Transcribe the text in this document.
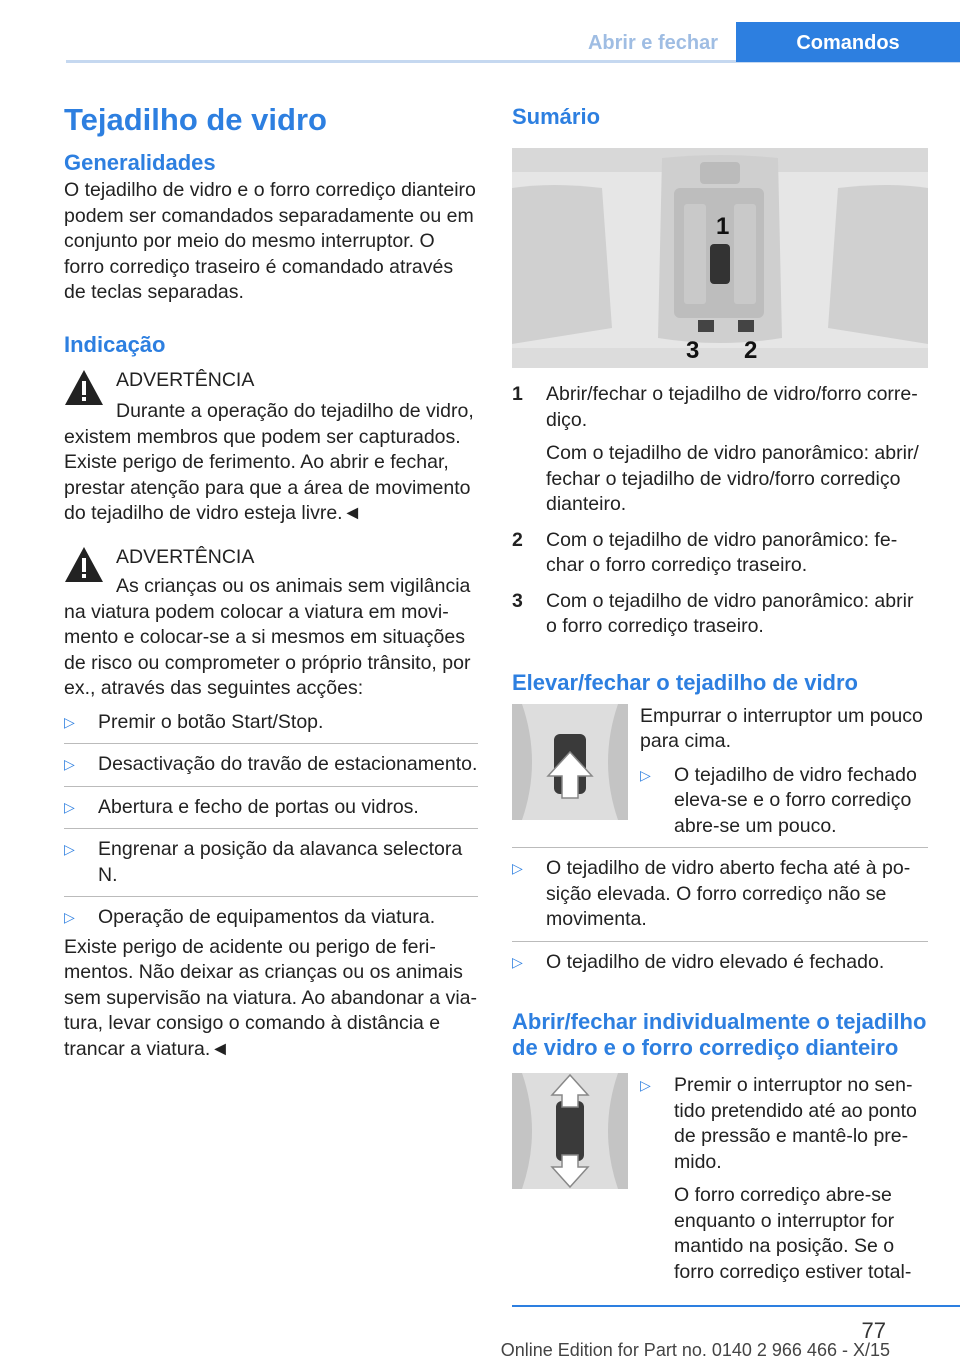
Abrir e fechar	Comandos
Tejadilho de vidro
Generalidades

O tejadilho de vidro e o forro corrediço dianteiro podem ser comandados separadamente ou em conjunto por meio do mesmo interruptor. O forro corrediço traseiro é comandado através de teclas separadas.

Indicação
ADVERTÊNCIA

Durante a operação do tejadilho de vidro, existem membros que podem ser capturados. Existe perigo de ferimento. Ao abrir e fechar, prestar atenção para que a área de movimento do tejadilho de vidro esteja livre.◄

ADVERTÊNCIA

As crianças ou os animais sem vigilância na viatura podem colocar a viatura em movimento e colocar-se a si mesmos em situações de risco ou comprometer o próprio trânsito, por ex., através das seguintes acções:

▷	Premir o botão Start/Stop.
▷	Desactivação do travão de estacionamento.
▷	Abertura e fecho de portas ou vidros.
▷	Engrenar a posição da alavanca selectora N.
▷	Operação de equipamentos da viatura.

Existe perigo de acidente ou perigo de ferimentos. Não deixar as crianças ou os animais sem supervisão na viatura. Ao abandonar a viatura, levar consigo o comando à distância e trancar a viatura.◄

Sumário
1
2
3
1	Abrir/fechar o tejadilho de vidro/forro corrediço.

Com o tejadilho de vidro panorâmico: abrir/ fechar o tejadilho de vidro/forro corrediço dianteiro.

2	Com o tejadilho de vidro panorâmico: fechar o forro corrediço traseiro.

3	Com o tejadilho de vidro panorâmico: abrir o forro corrediço traseiro.

Elevar/fechar o tejadilho de vidro

Empurrar o interruptor um pouco para cima.

▷	O tejadilho de vidro fechado eleva-se e o forro corrediço abre-se um pouco.
▷	O tejadilho de vidro aberto fecha até à posição elevada. O forro corrediço não se movimenta.
▷	O tejadilho de vidro elevado é fechado.
Abrir/fechar individualmente o tejadilho de vidro e o forro corrediço dianteiro
▷	Premir o interruptor no sentido pretendido até ao ponto de pressão e mantê-lo premido.

O forro corrediço abre-se enquanto o interruptor for mantido na posição. Se o forro corrediço estiver total-

77
Online Edition for Part no. 0140 2 966 466 - X/15
